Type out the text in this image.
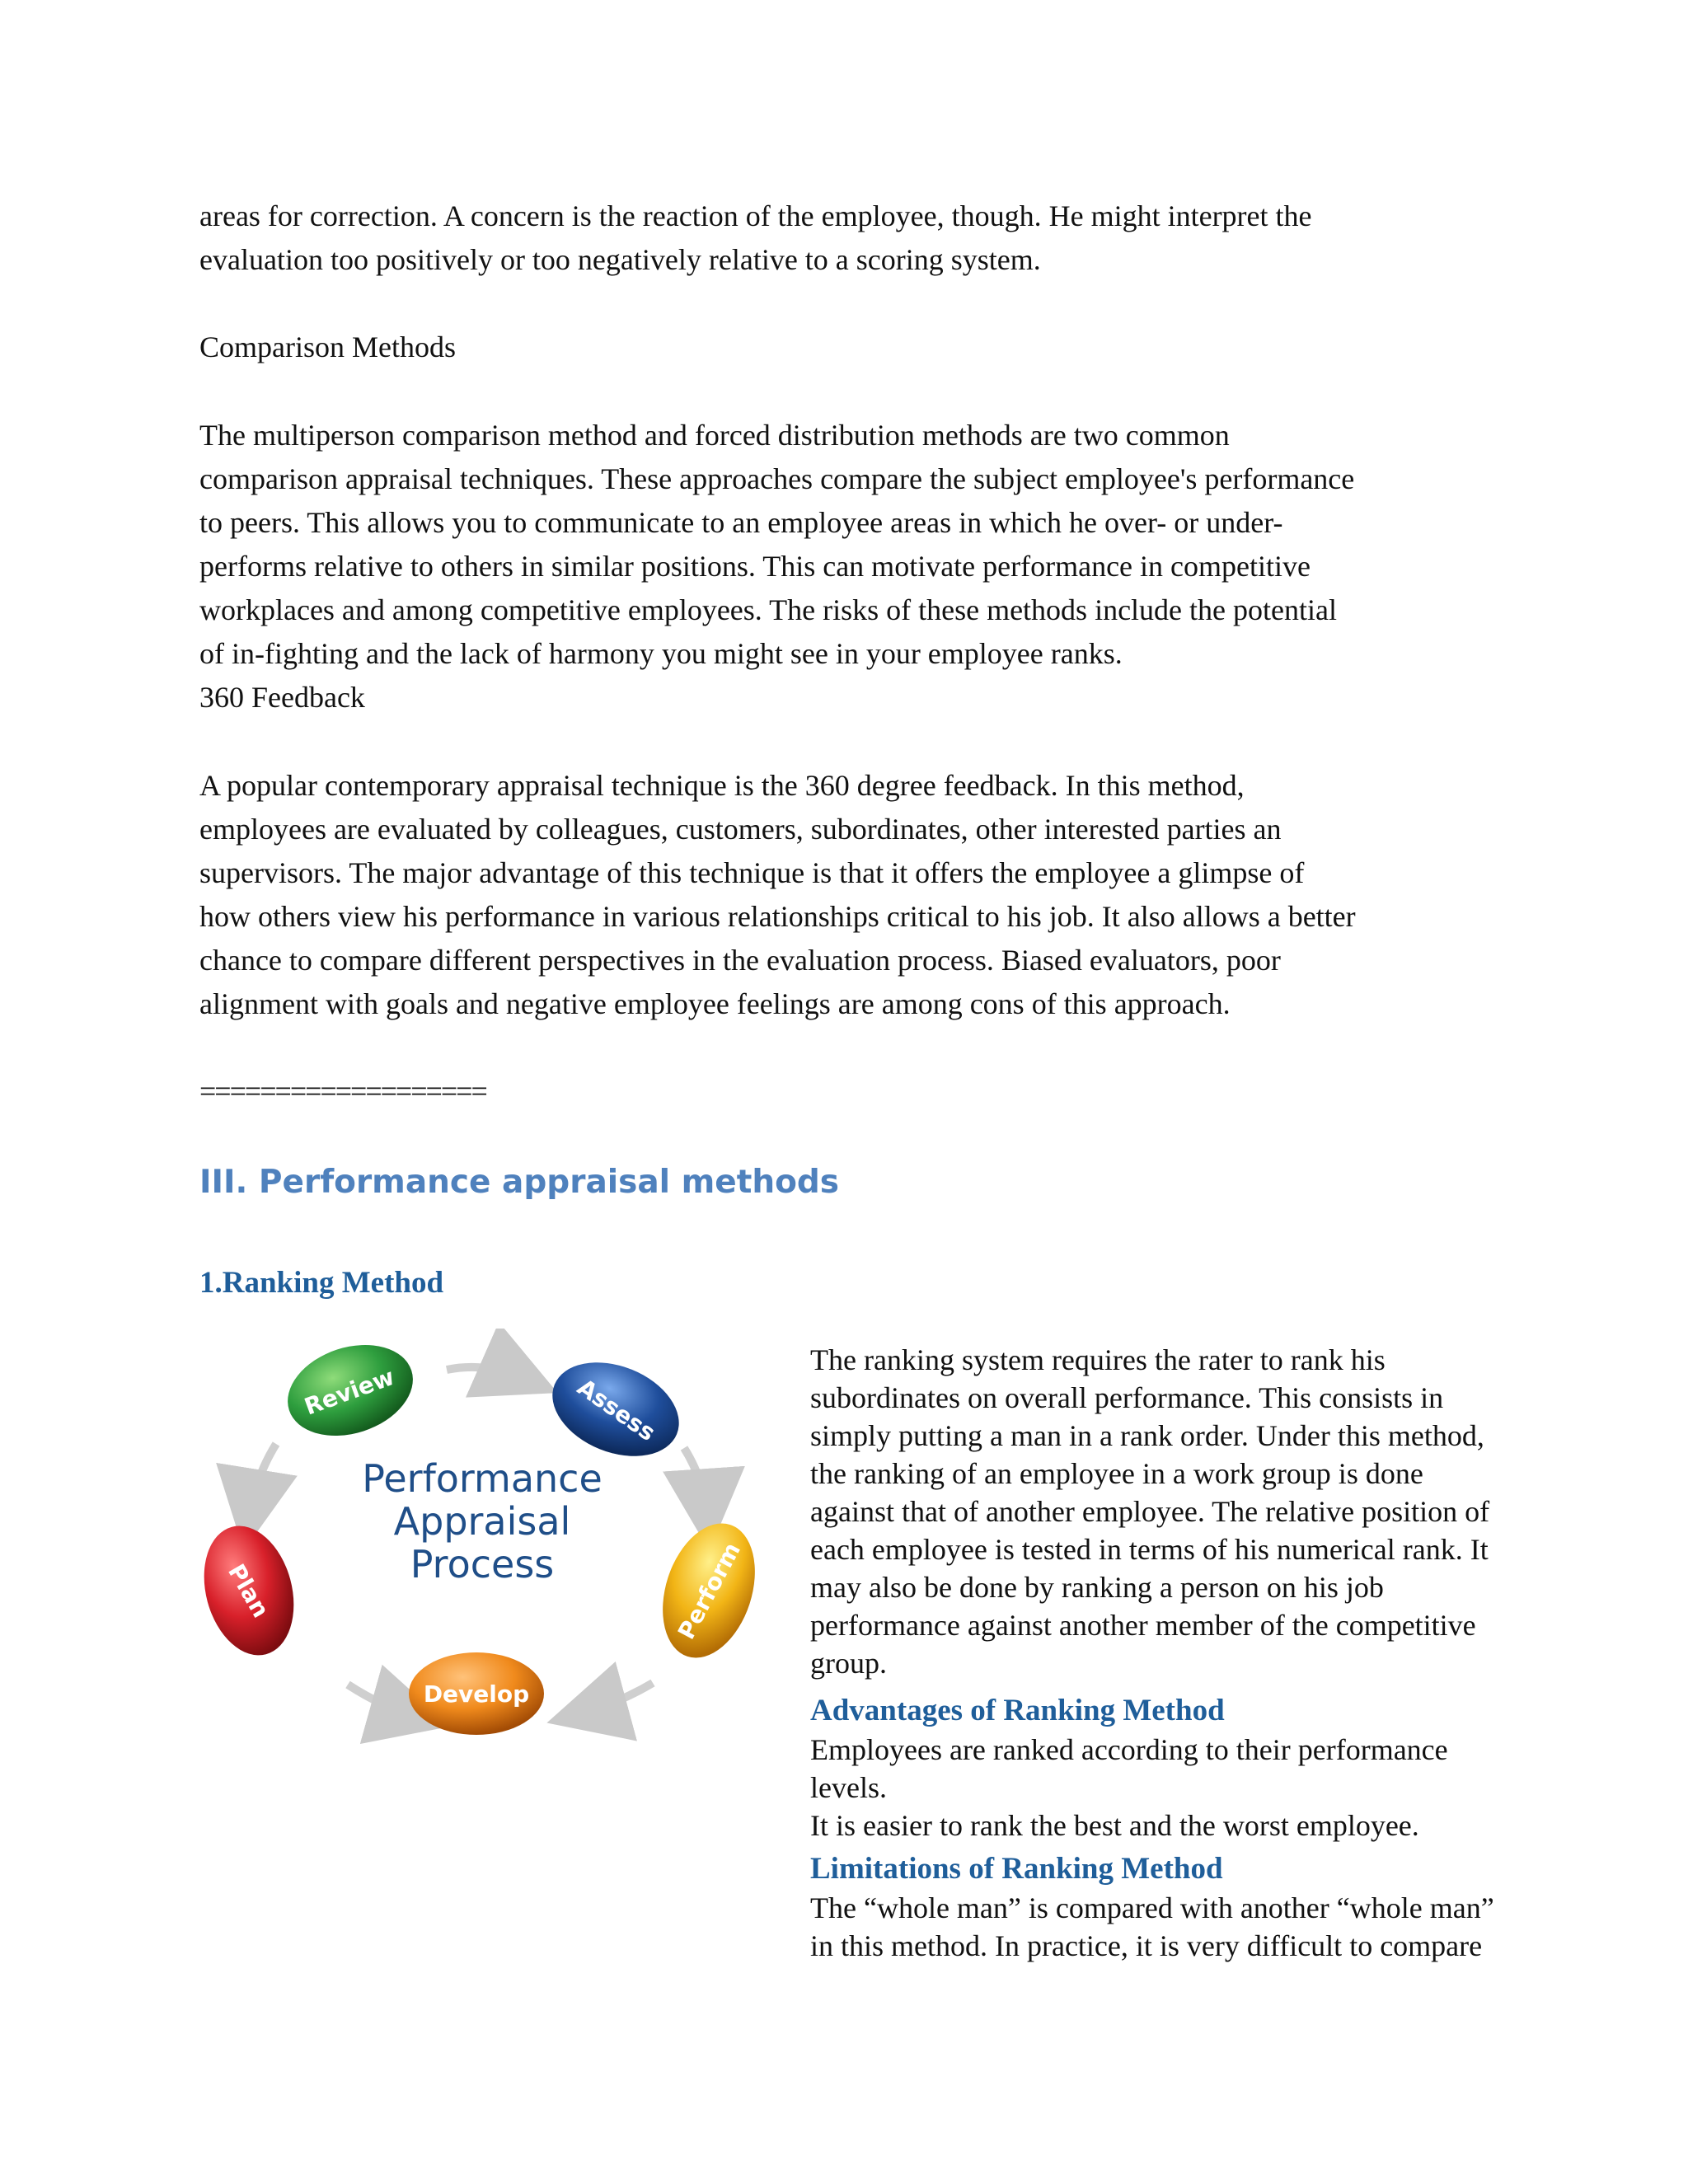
areas for correction. A concern is the reaction of the employee, though. He might interpret the
evaluation too positively or too negatively relative to a scoring system.
Comparison Methods
The multiperson comparison method and forced distribution methods are two common
comparison appraisal techniques. These approaches compare the subject employee's performance
to peers. This allows you to communicate to an employee areas in which he over- or under-
performs relative to others in similar positions. This can motivate performance in competitive
workplaces and among competitive employees. The risks of these methods include the potential
of in-fighting and the lack of harmony you might see in your employee ranks.
360 Feedback
A popular contemporary appraisal technique is the 360 degree feedback. In this method,
employees are evaluated by colleagues, customers, subordinates, other interested parties an
supervisors. The major advantage of this technique is that it offers the employee a glimpse of
how others view his performance in various relationships critical to his job. It also allows a better
chance to compare different perspectives in the evaluation process. Biased evaluators, poor
alignment with goals and negative employee feelings are among cons of this approach.
===================
III. Performance appraisal methods
1.Ranking Method
Review	Assess
Plan	Perform
Develop
Performance
Appraisal
Process
The ranking system requires the rater to rank his
subordinates on overall performance. This consists in
simply putting a man in a rank order. Under this method,
the ranking of an employee in a work group is done
against that of another employee. The relative position of
each employee is tested in terms of his numerical rank. It
may also be done by ranking a person on his job
performance against another member of the competitive
group.
Advantages of Ranking Method
Employees are ranked according to their performance
levels.
It is easier to rank the best and the worst employee.
Limitations of Ranking Method
The “whole man” is compared with another “whole man”
in this method. In practice, it is very difficult to compare
